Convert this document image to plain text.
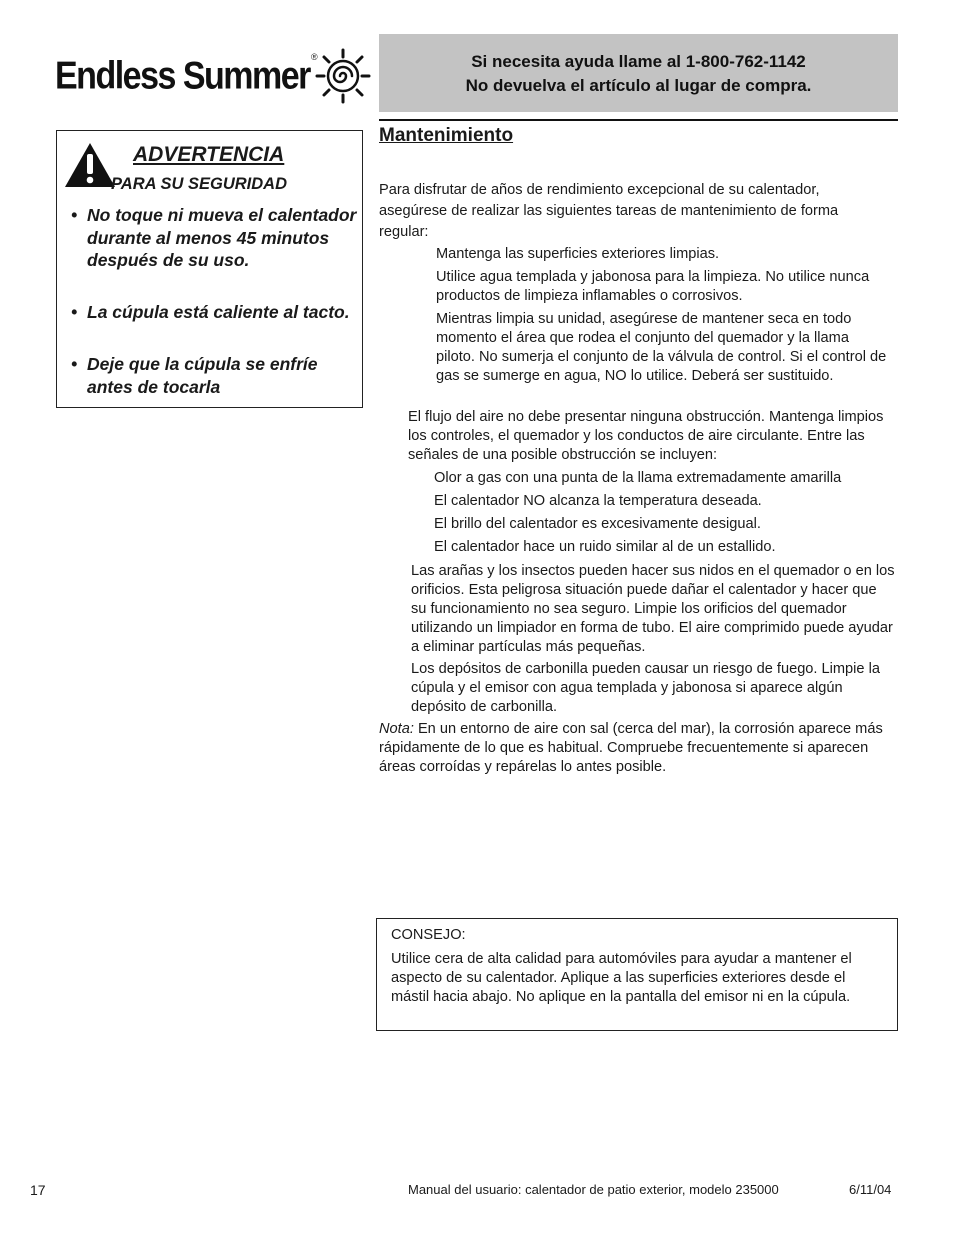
Endless Summer ®	Si necesita ayuda llame al 1-800-762-1142
No devuelva el artículo al lugar de compra.
ADVERTENCIA
PARA SU SEGURIDAD
• No toque ni mueva el calentador durante al menos 45 minutos después de su uso.
• La cúpula está caliente al tacto.
• Deje que la cúpula se enfríe antes de tocarla
Mantenimiento
Para disfrutar de años de rendimiento excepcional de su calentador, asegúrese de realizar las siguientes tareas de mantenimiento de forma regular:
Mantenga las superficies exteriores limpias.
Utilice agua templada y jabonosa para la limpieza. No utilice nunca productos de limpieza inflamables o corrosivos.
Mientras limpia su unidad, asegúrese de mantener seca en todo momento el área que rodea el conjunto del quemador y la llama piloto. No sumerja el conjunto de la válvula de control. Si el control de gas se sumerge en agua, NO lo utilice. Deberá ser sustituido.
El flujo del aire no debe presentar ninguna obstrucción. Mantenga limpios los controles, el quemador y los conductos de aire circulante. Entre las señales de una posible obstrucción se incluyen:
Olor a gas con una punta de la llama extremadamente amarilla
El calentador NO alcanza la temperatura deseada.
El brillo del calentador es excesivamente desigual.
El calentador hace un ruido similar al de un estallido.
Las arañas y los insectos pueden hacer sus nidos en el quemador o en los orificios. Esta peligrosa situación puede dañar el calentador y hacer que su funcionamiento no sea seguro. Limpie los orificios del quemador utilizando un limpiador en forma de tubo. El aire comprimido puede ayudar a eliminar partículas más pequeñas.
Los depósitos de carbonilla pueden causar un riesgo de fuego. Limpie la cúpula y el emisor con agua templada y jabonosa si aparece algún depósito de carbonilla.
Nota: En un entorno de aire con sal (cerca del mar), la corrosión aparece más rápidamente de lo que es habitual. Compruebe frecuentemente si aparecen áreas corroídas y repárelas lo antes posible.
CONSEJO:
Utilice cera de alta calidad para automóviles para ayudar a mantener el aspecto de su calentador. Aplique a las superficies exteriores desde el mástil hacia abajo. No aplique en la pantalla del emisor ni en la cúpula.
17	Manual del usuario: calentador de patio exterior, modelo 235000	6/11/04
